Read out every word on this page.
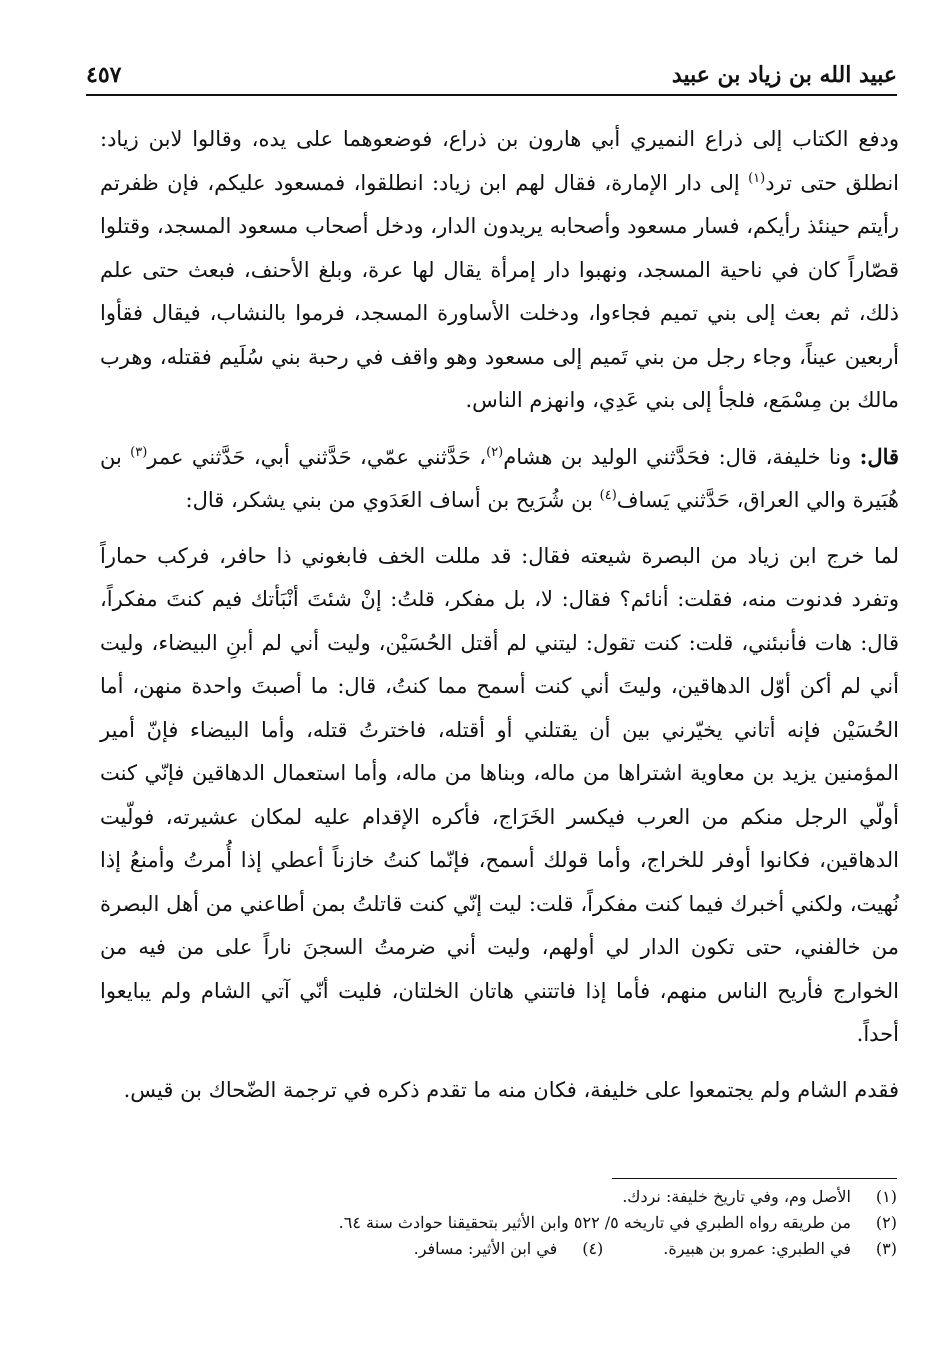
عبيد الله بن زياد بن عبيد
٤٥٧

ودفع الكتاب إلى ذراع النميري أبي هارون بن ذراع، فوضعوهما على يده، وقالوا لابن زياد: انطلق حتى ترد$^{(١)}$ إلى دار الإمارة، فقال لهم ابن زياد: انطلقوا، فمسعود عليكم، فإن ظفرتم رأيتم حينئذ رأيكم، فسار مسعود وأصحابه يريدون الدار، ودخل أصحاب مسعود المسجد، وقتلوا قصّاراً كان في ناحية المسجد، ونهبوا دار إمرأة يقال لها عرة، وبلغ الأحنف، فبعث حتى علم ذلك، ثم بعث إلى بني تميم فجاءوا، ودخلت الأساورة المسجد، فرموا بالنشاب، فيقال فقأوا أربعين عيناً، وجاء رجل من بني تَميم إلى مسعود وهو واقف في رحبة بني سُلَيم فقتله، وهرب مالك بن مِسْمَع، فلجأ إلى بني عَدِي، وانهزم الناس.

قال: ونا خليفة، قال: فحَدَّثني الوليد بن هشام$^{(٢)}$، حَدَّثني عمّي، حَدَّثني أبي، حَدَّثني عمر$^{(٣)}$ بن هُبَيرة والي العراق، حَدَّثني يَساف$^{(٤)}$ بن شُرَيح بن أساف العَدَوي من بني يشكر، قال:

لما خرج ابن زياد من البصرة شيعته فقال: قد مللت الخف فابغوني ذا حافر، فركب حماراً وتفرد فدنوت منه، فقلت: أنائم؟ فقال: لا، بل مفكر، قلتُ: إنْ شئتَ أنْبَأتك فيم كنتَ مفكراً، قال: هات فأنبئني، قلت: كنت تقول: ليتني لم أقتل الحُسَيْن، وليت أني لم أبنِ البيضاء، وليت أني لم أكن أوّل الدهاقين، وليتَ أني كنت أسمح مما كنتُ، قال: ما أصبتَ واحدة منهن، أما الحُسَيْن فإنه أتاني يخيّرني بين أن يقتلني أو أقتله، فاخترتُ قتله، وأما البيضاء فإنّ أمير المؤمنين يزيد بن معاوية اشتراها من ماله، وبناها من ماله، وأما استعمال الدهاقين فإنّي كنت أولّي الرجل منكم من العرب فيكسر الخَرَاج، فأكره الإقدام عليه لمكان عشيرته، فولّيت الدهاقين، فكانوا أوفر للخراج، وأما قولك أسمح، فإنّما كنتُ خازناً أعطي إذا أُمرتُ وأمنعُ إذا نُهيت، ولكني أخبرك فيما كنت مفكراً، قلت: ليت إنّي كنت قاتلتُ بمن أطاعني من أهل البصرة من خالفني، حتى تكون الدار لي أولهم، وليت أني ضرمتُ السجنَ ناراً على من فيه من الخوارج فأريح الناس منهم، فأما إذا فاتتني هاتان الخلتان، فليت أنّي آتي الشام ولم يبايعوا أحداً.

فقدم الشام ولم يجتمعوا على خليفة، فكان منه ما تقدم ذكره في ترجمة الضّحاك بن قيس.

(١)
الأصل وم، وفي تاريخ خليفة: نردك.
(٢)
من طريقه رواه الطبري في تاريخه ٥/ ٥٢٢ وابن الأثير بتحقيقنا حوادث سنة ٦٤.
(٣)
في الطبري: عمرو بن هبيرة.
(٤)
في ابن الأثير: مسافر.
